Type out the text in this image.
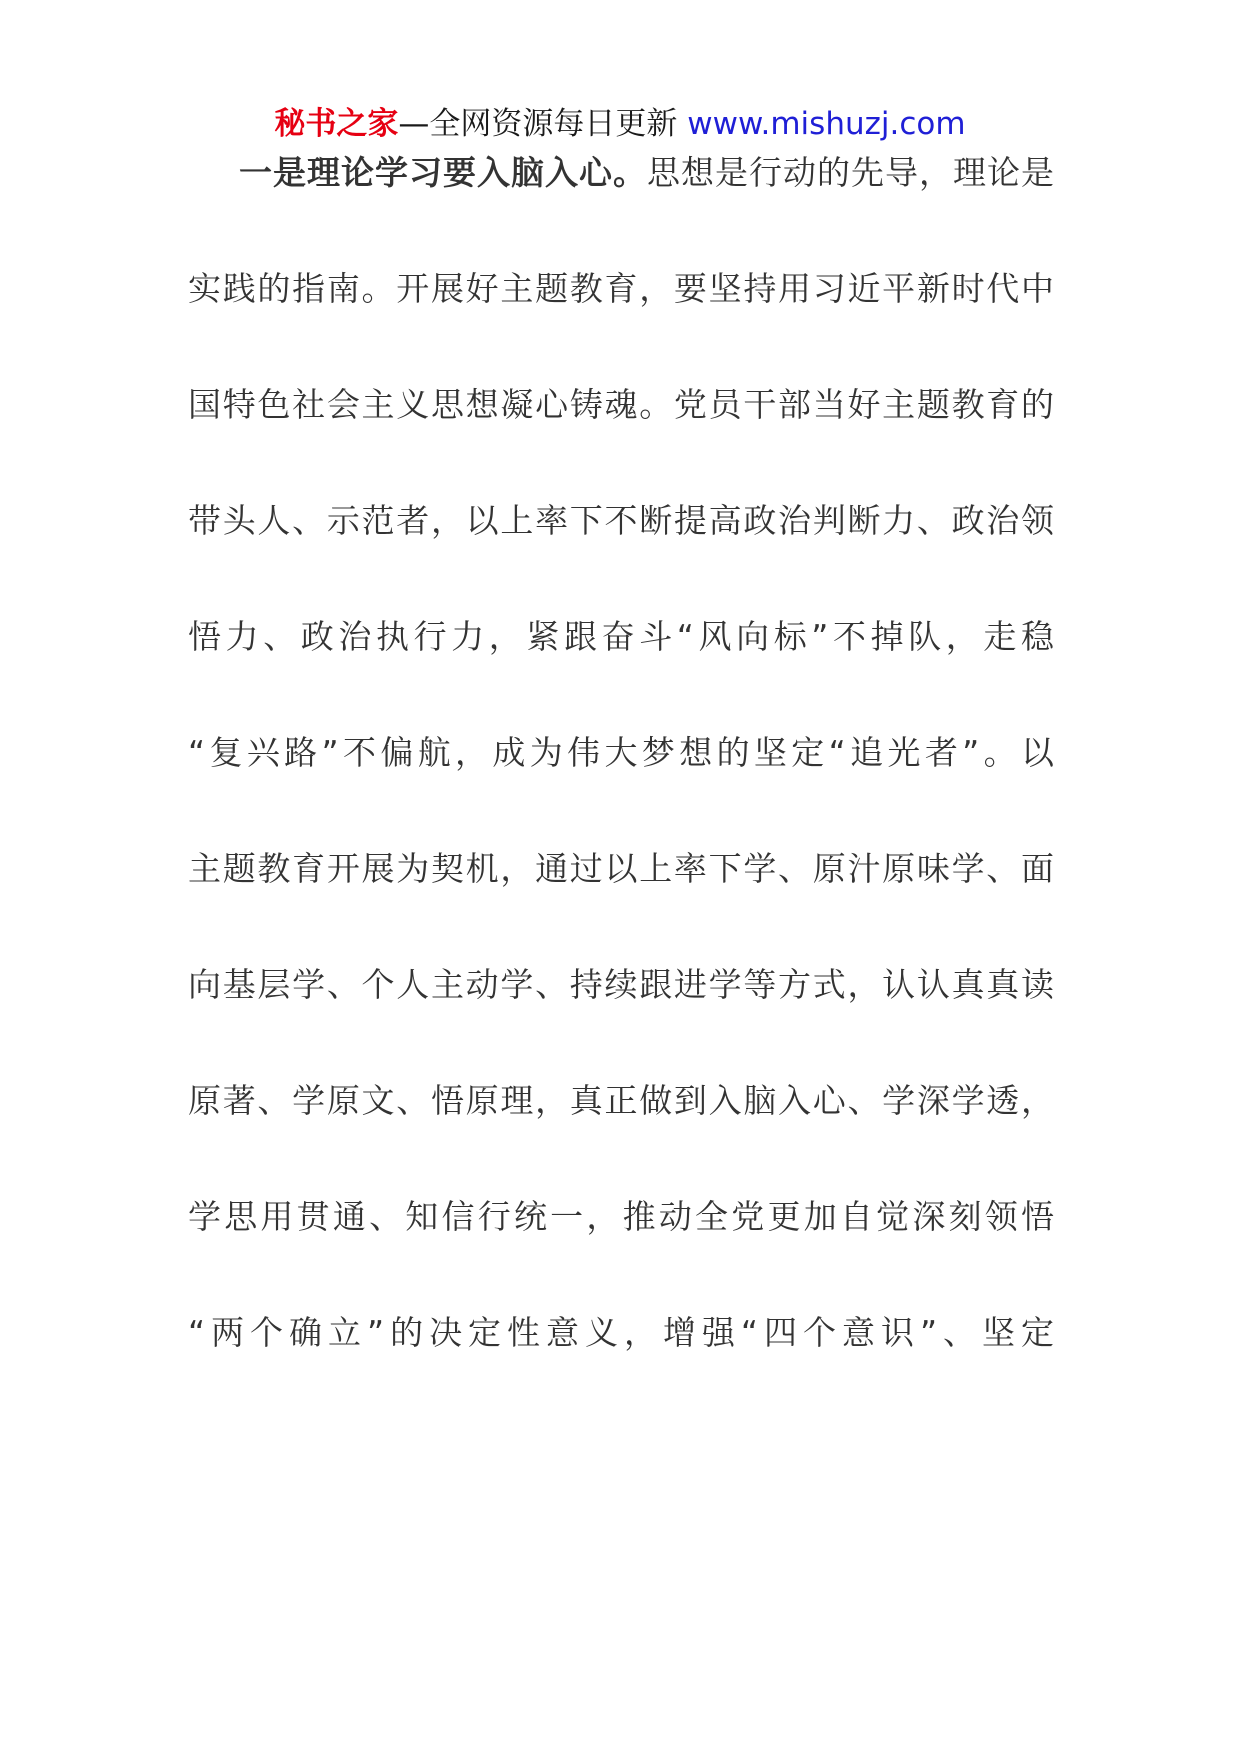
秘书之家—全网资源每日更新 www.mishuzj.com
一是理论学习要入脑入心。思想是行动的先导，理论是
实践的指南。开展好主题教育，要坚持用习近平新时代中
国特色社会主义思想凝心铸魂。党员干部当好主题教育的
带头人、示范者，以上率下不断提高政治判断力、政治领
悟力、政治执行力，紧跟奋斗“风向标”不掉队，走稳
“复兴路”不偏航，成为伟大梦想的坚定“追光者”。以
主题教育开展为契机，通过以上率下学、原汁原味学、面
向基层学、个人主动学、持续跟进学等方式，认认真真读
原著、学原文、悟原理，真正做到入脑入心、学深学透，
学思用贯通、知信行统一，推动全党更加自觉深刻领悟
“两个确立”的决定性意义，增强“四个意识”、坚定
